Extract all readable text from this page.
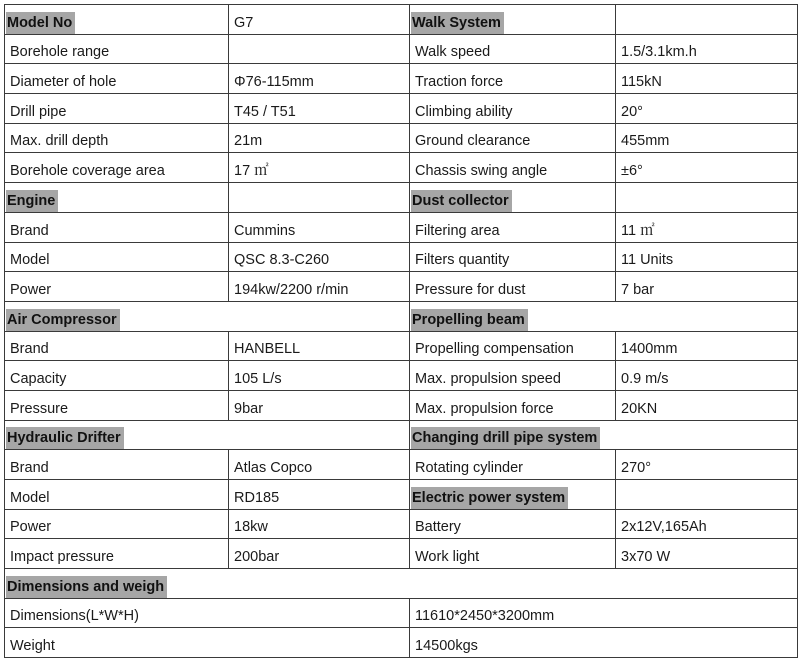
Model No	G7	Walk System	
Borehole range		Walk speed	1.5/3.1km.h
Diameter of hole	Φ76-115mm	Traction force	115kN
Drill pipe	T45 / T51	Climbing ability	20°
Max. drill depth	21m	Ground clearance	455mm
Borehole coverage area	17 ㎡	Chassis swing angle	±6°
Engine		Dust collector	
Brand	Cummins	Filtering area	11 ㎡
Model	QSC 8.3-C260	Filters quantity	11 Units
Power	194kw/2200 r/min	Pressure for dust	7 bar
Air Compressor		Propelling beam	
Brand	HANBELL	Propelling compensation	1400mm
Capacity	105 L/s	Max. propulsion speed	0.9 m/s
Pressure	9bar	Max. propulsion force	20KN
Hydraulic Drifter		Changing drill pipe system	
Brand	Atlas Copco	Rotating cylinder	270°
Model	RD185	Electric power system	
Power	18kw	Battery	2x12V,165Ah
Impact pressure	200bar	Work light	3x70 W
Dimensions and weigh			
Dimensions(L*W*H)		11610*2450*3200mm	
Weight		14500kgs	
